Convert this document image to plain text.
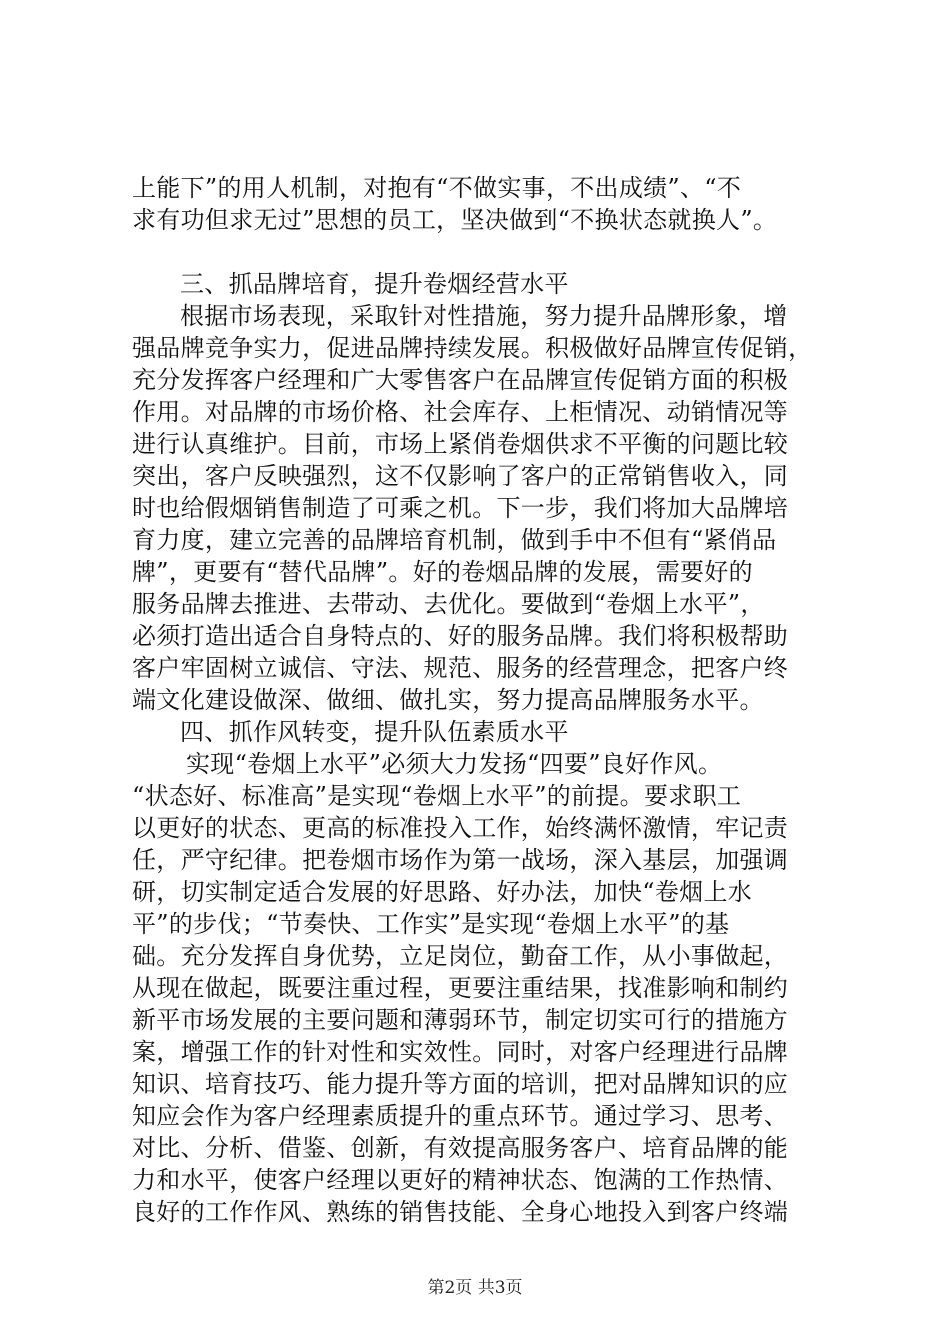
上能下”的用人机制，对抱有“不做实事，不出成绩”、“不
求有功但求无过”思想的员工，坚决做到“不换状态就换人”。
三、抓品牌培育，提升卷烟经营水平
根据市场表现，采取针对性措施，努力提升品牌形象，增
强品牌竞争实力，促进品牌持续发展。积极做好品牌宣传促销，
充分发挥客户经理和广大零售客户在品牌宣传促销方面的积极
作用。对品牌的市场价格、社会库存、上柜情况、动销情况等
进行认真维护。目前，市场上紧俏卷烟供求不平衡的问题比较
突出，客户反映强烈，这不仅影响了客户的正常销售收入，同
时也给假烟销售制造了可乘之机。下一步，我们将加大品牌培
育力度，建立完善的品牌培育机制，做到手中不但有“紧俏品
牌”，更要有“替代品牌”。好的卷烟品牌的发展，需要好的
服务品牌去推进、去带动、去优化。要做到“卷烟上水平”，
必须打造出适合自身特点的、好的服务品牌。我们将积极帮助
客户牢固树立诚信、守法、规范、服务的经营理念，把客户终
端文化建设做深、做细、做扎实，努力提高品牌服务水平。
四、抓作风转变，提升队伍素质水平
实现“卷烟上水平”必须大力发扬“四要”良好作风。
“状态好、标准高”是实现“卷烟上水平”的前提。要求职工
以更好的状态、更高的标准投入工作，始终满怀激情，牢记责
任，严守纪律。把卷烟市场作为第一战场，深入基层，加强调
研，切实制定适合发展的好思路、好办法，加快“卷烟上水
平”的步伐；“节奏快、工作实”是实现“卷烟上水平”的基
础。充分发挥自身优势，立足岗位，勤奋工作，从小事做起，
从现在做起，既要注重过程，更要注重结果，找准影响和制约
新平市场发展的主要问题和薄弱环节，制定切实可行的措施方
案，增强工作的针对性和实效性。同时，对客户经理进行品牌
知识、培育技巧、能力提升等方面的培训，把对品牌知识的应
知应会作为客户经理素质提升的重点环节。通过学习、思考、
对比、分析、借鉴、创新，有效提高服务客户、培育品牌的能
力和水平，使客户经理以更好的精神状态、饱满的工作热情、
良好的工作作风、熟练的销售技能、全身心地投入到客户终端
第2页 共3页
